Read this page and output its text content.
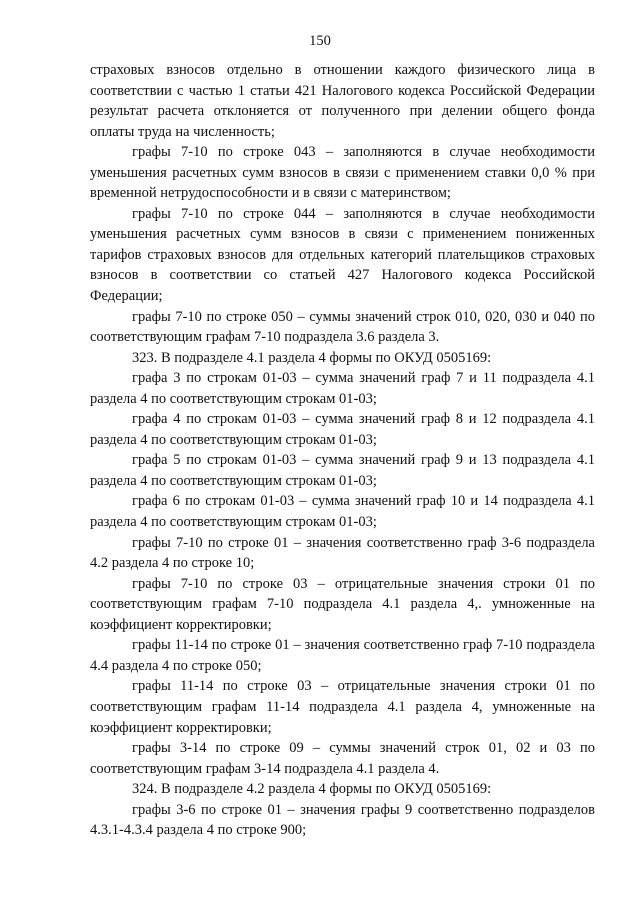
150

страховых взносов отдельно в отношении каждого физического лица в соответствии с частью 1 статьи 421 Налогового кодекса Российской Федерации результат расчета отклоняется от полученного при делении общего фонда оплаты труда на численность;

графы 7-10 по строке 043 – заполняются в случае необходимости уменьшения расчетных сумм взносов в связи с применением ставки 0,0 % при временной нетрудоспособности и в связи с материнством;

графы 7-10 по строке 044 – заполняются в случае необходимости уменьшения расчетных сумм взносов в связи с применением пониженных тарифов страховых взносов для отдельных категорий плательщиков страховых взносов в соответствии со статьей 427 Налогового кодекса Российской Федерации;

графы 7-10 по строке 050 – суммы значений строк 010, 020, 030 и 040 по соответствующим графам 7-10 подраздела 3.6 раздела 3.

323. В подразделе 4.1 раздела 4 формы по ОКУД 0505169:

графа 3 по строкам 01-03 – сумма значений граф 7 и 11 подраздела 4.1 раздела 4 по соответствующим строкам 01-03;

графа 4 по строкам 01-03 – сумма значений граф 8 и 12 подраздела 4.1 раздела 4 по соответствующим строкам 01-03;

графа 5 по строкам 01-03 – сумма значений граф 9 и 13 подраздела 4.1 раздела 4 по соответствующим строкам 01-03;

графа 6 по строкам 01-03 – сумма значений граф 10 и 14 подраздела 4.1 раздела 4 по соответствующим строкам 01-03;

графы 7-10 по строке 01 – значения соответственно граф 3-6 подраздела 4.2 раздела 4 по строке 10;

графы 7-10 по строке 03 – отрицательные значения строки 01 по соответствующим графам 7-10 подраздела 4.1 раздела 4,. умноженные на коэффициент корректировки;

графы 11-14 по строке 01 – значения соответственно граф 7-10 подраздела 4.4 раздела 4 по строке 050;

графы 11-14 по строке 03 – отрицательные значения строки 01 по соответствующим графам 11-14 подраздела 4.1 раздела 4, умноженные на коэффициент корректировки;

графы 3-14 по строке 09 – суммы значений строк 01, 02 и 03 по соответствующим графам 3-14 подраздела 4.1 раздела 4.

324. В подразделе 4.2 раздела 4 формы по ОКУД 0505169:

графы 3-6 по строке 01 – значения графы 9 соответственно подразделов 4.3.1-4.3.4 раздела 4 по строке 900;
